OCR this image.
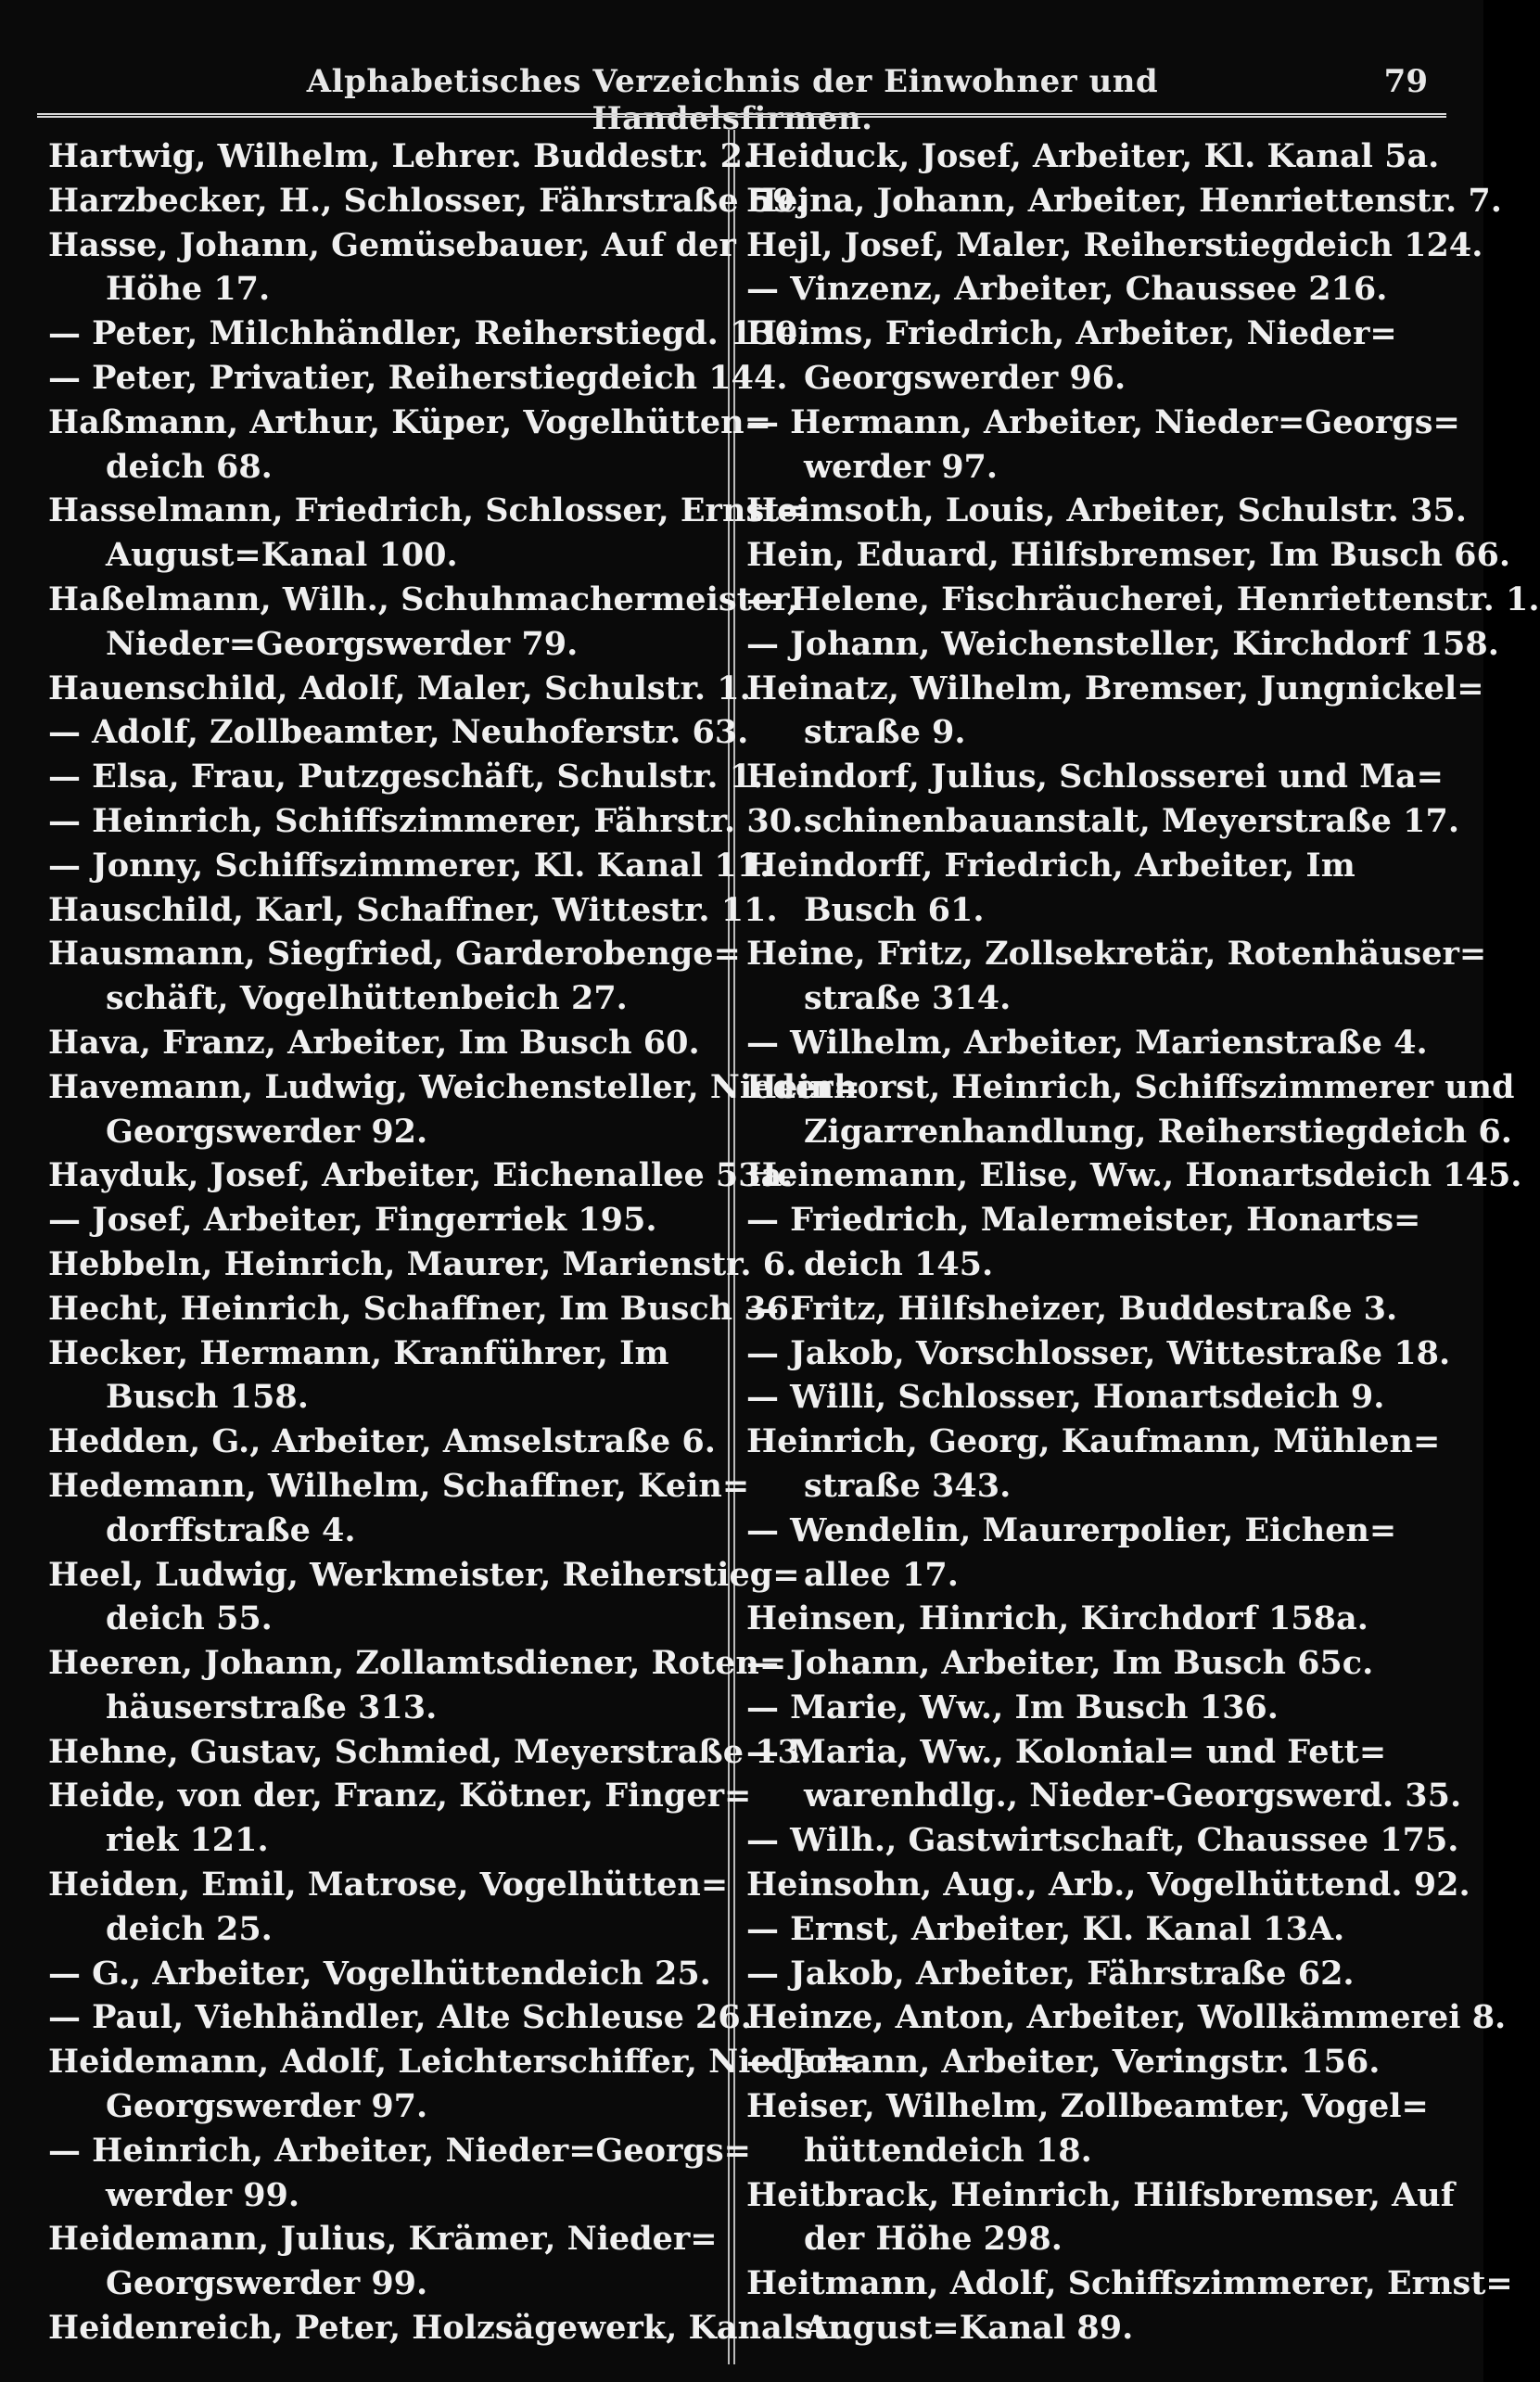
Alphabetisches Verzeichnis der Einwohner und Handelsfirmen.
79
Hartwig, Wilhelm, Lehrer. Buddestr. 2.
Harzbecker, H., Schlosser, Fährstraße 59.
Hasse, Johann, Gemüsebauer, Auf der
Höhe 17.
— Peter, Milchhändler, Reiherstiegd. 130.
— Peter, Privatier, Reiherstiegdeich 144.
Haßmann, Arthur, Küper, Vogelhütten=
deich 68.
Hasselmann, Friedrich, Schlosser, Ernst=
August=Kanal 100.
Haßelmann, Wilh., Schuhmachermeister,
Nieder=Georgswerder 79.
Hauenschild, Adolf, Maler, Schulstr. 1.
— Adolf, Zollbeamter, Neuhoferstr. 63.
— Elsa, Frau, Putzgeschäft, Schulstr. 1.
— Heinrich, Schiffszimmerer, Fährstr. 30.
— Jonny, Schiffszimmerer, Kl. Kanal 11.
Hauschild, Karl, Schaffner, Wittestr. 11.
Hausmann, Siegfried, Garderobenge=
schäft, Vogelhüttenbeich 27.
Hava, Franz, Arbeiter, Im Busch 60.
Havemann, Ludwig, Weichensteller, Nieder=
Georgswerder 92.
Hayduk, Josef, Arbeiter, Eichenallee 53a.
— Josef, Arbeiter, Fingerriek 195.
Hebbeln, Heinrich, Maurer, Marienstr. 6.
Hecht, Heinrich, Schaffner, Im Busch 36.
Hecker, Hermann, Kranführer, Im
Busch 158.
Hedden, G., Arbeiter, Amselstraße 6.
Hedemann, Wilhelm, Schaffner, Kein=
dorffstraße 4.
Heel, Ludwig, Werkmeister, Reiherstieg=
deich 55.
Heeren, Johann, Zollamtsdiener, Roten=
häuserstraße 313.
Hehne, Gustav, Schmied, Meyerstraße 13.
Heide, von der, Franz, Kötner, Finger=
riek 121.
Heiden, Emil, Matrose, Vogelhütten=
deich 25.
— G., Arbeiter, Vogelhüttendeich 25.
— Paul, Viehhändler, Alte Schleuse 26.
Heidemann, Adolf, Leichterschiffer, Nieder=
Georgswerder 97.
— Heinrich, Arbeiter, Nieder=Georgs=
werder 99.
Heidemann, Julius, Krämer, Nieder=
Georgswerder 99.
Heidenreich, Peter, Holzsägewerk, Kanalstr.
Heiduck, Josef, Arbeiter, Kl. Kanal 5a.
Hejna, Johann, Arbeiter, Henriettenstr. 7.
Hejl, Josef, Maler, Reiherstiegdeich 124.
— Vinzenz, Arbeiter, Chaussee 216.
Heims, Friedrich, Arbeiter, Nieder=
Georgswerder 96.
— Hermann, Arbeiter, Nieder=Georgs=
werder 97.
Heimsoth, Louis, Arbeiter, Schulstr. 35.
Hein, Eduard, Hilfsbremser, Im Busch 66.
— Helene, Fischräucherei, Henriettenstr. 1.
— Johann, Weichensteller, Kirchdorf 158.
Heinatz, Wilhelm, Bremser, Jungnickel=
straße 9.
Heindorf, Julius, Schlosserei und Ma=
schinenbauanstalt, Meyerstraße 17.
Heindorff, Friedrich, Arbeiter, Im
Busch 61.
Heine, Fritz, Zollsekretär, Rotenhäuser=
straße 314.
— Wilhelm, Arbeiter, Marienstraße 4.
Heinhorst, Heinrich, Schiffszimmerer und
Zigarrenhandlung, Reiherstiegdeich 6.
Heinemann, Elise, Ww., Honartsdeich 145.
— Friedrich, Malermeister, Honarts=
deich 145.
— Fritz, Hilfsheizer, Buddestraße 3.
— Jakob, Vorschlosser, Wittestraße 18.
— Willi, Schlosser, Honartsdeich 9.
Heinrich, Georg, Kaufmann, Mühlen=
straße 343.
— Wendelin, Maurerpolier, Eichen=
allee 17.
Heinsen, Hinrich, Kirchdorf 158a.
— Johann, Arbeiter, Im Busch 65c.
— Marie, Ww., Im Busch 136.
— Maria, Ww., Kolonial= und Fett=
warenhdlg., Nieder-Georgswerd. 35.
— Wilh., Gastwirtschaft, Chaussee 175.
Heinsohn, Aug., Arb., Vogelhüttend. 92.
— Ernst, Arbeiter, Kl. Kanal 13A.
— Jakob, Arbeiter, Fährstraße 62.
Heinze, Anton, Arbeiter, Wollkämmerei 8.
— Johann, Arbeiter, Veringstr. 156.
Heiser, Wilhelm, Zollbeamter, Vogel=
hüttendeich 18.
Heitbrack, Heinrich, Hilfsbremser, Auf
der Höhe 298.
Heitmann, Adolf, Schiffszimmerer, Ernst=
August=Kanal 89.
